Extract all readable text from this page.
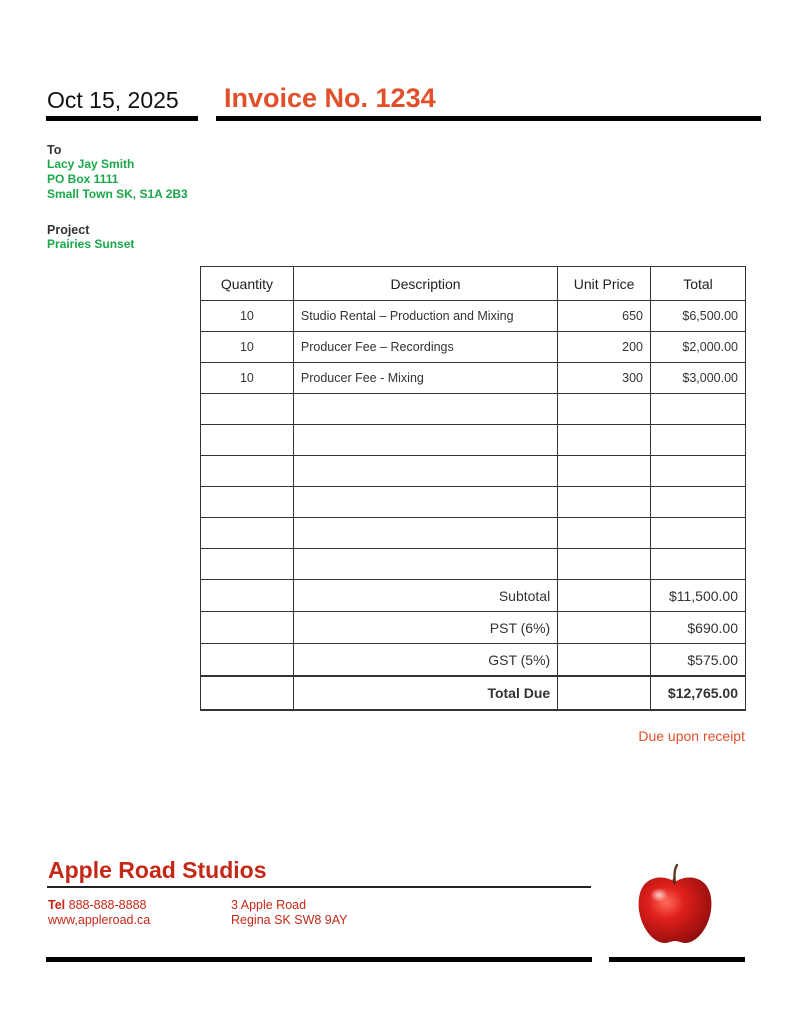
Oct 15, 2025 Invoice No. 1234
To
Lacy Jay Smith
PO Box 1111
Small Town SK, S1A 2B3
Project
Prairies Sunset
Quantity	Description	Unit Price	Total
10	Studio Rental – Production and Mixing	650	$6,500.00
10	Producer Fee – Recordings	200	$2,000.00
10	Producer Fee - Mixing	300	$3,000.00

	Subtotal		$11,500.00
	PST (6%)		$690.00
	GST (5%)		$575.00
	Total Due		$12,765.00
Due upon receipt
Apple Road Studios
Tel 888-888-8888
www,appleroad.ca
3 Apple Road
Regina SK SW8 9AY
